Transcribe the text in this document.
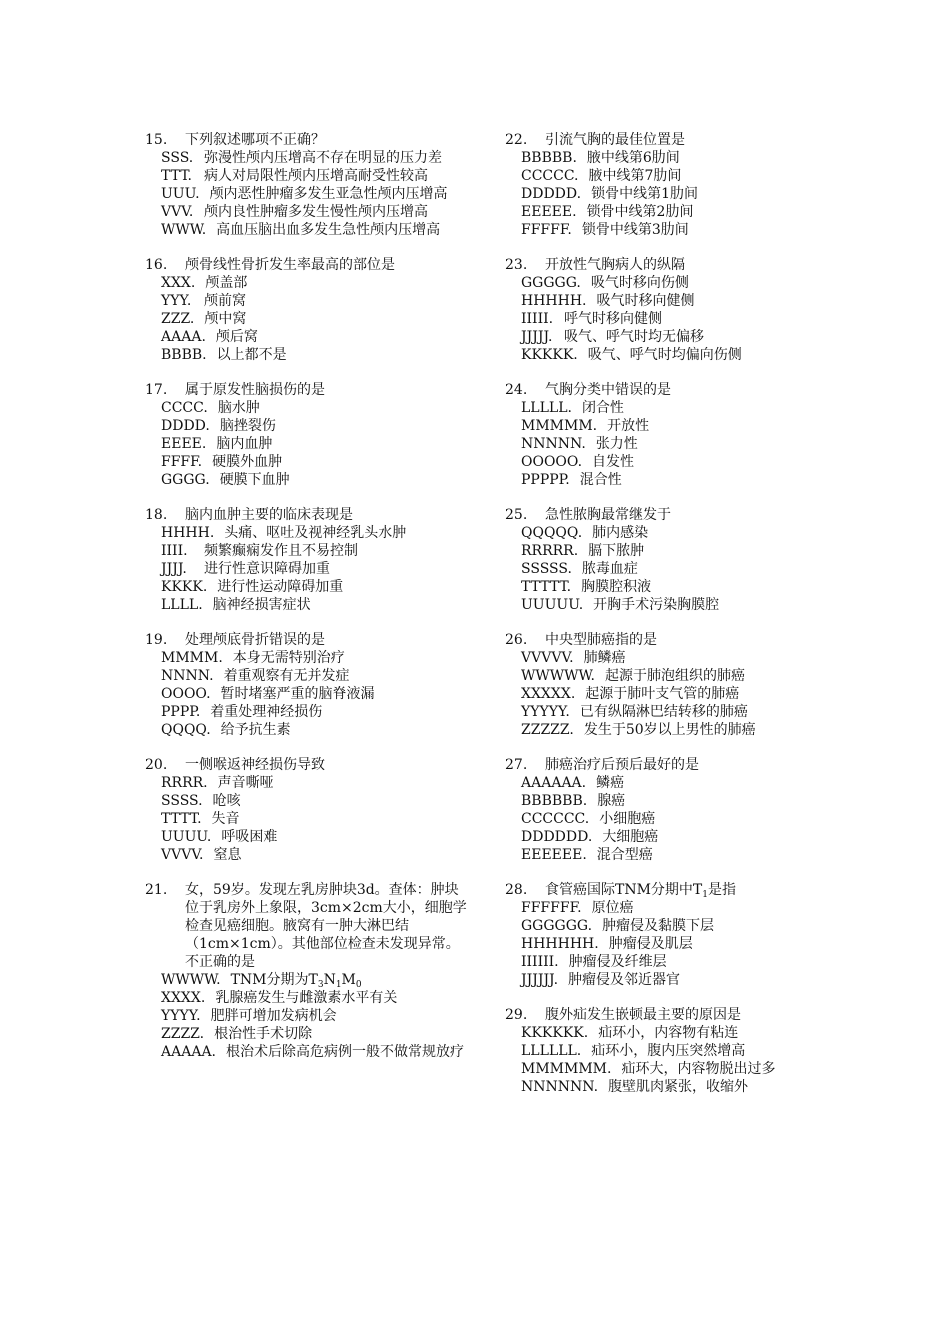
15.	下列叙述哪项不正确？
SSS. 弥漫性颅内压增高不存在明显的压力差
TTT. 病人对局限性颅内压增高耐受性较高
UUU. 颅内恶性肿瘤多发生亚急性颅内压增高
VVV. 颅内良性肿瘤多发生慢性颅内压增高
WWW. 高血压脑出血多发生急性颅内压增高
16.	颅骨线性骨折发生率最高的部位是
XXX. 颅盖部
YYY. 颅前窝
ZZZ. 颅中窝
AAAA. 颅后窝
BBBB. 以上都不是
17.	属于原发性脑损伤的是
CCCC. 脑水肿
DDDD. 脑挫裂伤
EEEE. 脑内血肿
FFFF. 硬膜外血肿
GGGG. 硬膜下血肿
18.	脑内血肿主要的临床表现是
HHHH. 头痛、呕吐及视神经乳头水肿
IIII. 频繁癫痫发作且不易控制
JJJJ. 进行性意识障碍加重
KKKK. 进行性运动障碍加重
LLLL. 脑神经损害症状
19.	处理颅底骨折错误的是
MMMM. 本身无需特别治疗
NNNN. 着重观察有无并发症
OOOO. 暂时堵塞严重的脑脊液漏
PPPP. 着重处理神经损伤
QQQQ. 给予抗生素
20.	一侧喉返神经损伤导致
RRRR. 声音嘶哑
SSSS. 呛咳
TTTT. 失音
UUUU. 呼吸困难
VVVV. 窒息
21.	女，59岁。发现左乳房肿块3d。查体：肿块位于乳房外上象限，3cm×2cm大小，细胞学检查见癌细胞。腋窝有一肿大淋巴结（1cm×1cm）。其他部位检查未发现异常。不正确的是
WWWW. TNM分期为$T_3N_1M_0$
XXXX. 乳腺癌发生与雌激素水平有关
YYYY. 肥胖可增加发病机会
ZZZZ. 根治性手术切除
AAAAA. 根治术后除高危病例一般不做常规放疗
22.	引流气胸的最佳位置是
BBBBB. 腋中线第6肋间
CCCCC. 腋中线第7肋间
DDDDD. 锁骨中线第1肋间
EEEEE. 锁骨中线第2肋间
FFFFF. 锁骨中线第3肋间
23.	开放性气胸病人的纵隔
GGGGG. 吸气时移向伤侧
HHHHH. 吸气时移向健侧
IIIII. 呼气时移向健侧
JJJJJ. 吸气、呼气时均无偏移
KKKKK. 吸气、呼气时均偏向伤侧
24.	气胸分类中错误的是
LLLLL. 闭合性
MMMMM. 开放性
NNNNN. 张力性
OOOOO. 自发性
PPPPP. 混合性
25.	急性脓胸最常继发于
QQQQQ. 肺内感染
RRRRR. 膈下脓肿
SSSSS. 脓毒血症
TTTTT. 胸膜腔积液
UUUUU. 开胸手术污染胸膜腔
26.	中央型肺癌指的是
VVVVV. 肺鳞癌
WWWWW. 起源于肺泡组织的肺癌
XXXXX. 起源于肺叶支气管的肺癌
YYYYY. 已有纵隔淋巴结转移的肺癌
ZZZZZ. 发生于50岁以上男性的肺癌
27.	肺癌治疗后预后最好的是
AAAAAA. 鳞癌
BBBBBB. 腺癌
CCCCCC. 小细胞癌
DDDDDD. 大细胞癌
EEEEEE. 混合型癌
28.	食管癌国际TNM分期中$T_1$是指
FFFFFF. 原位癌
GGGGGG. 肿瘤侵及黏膜下层
HHHHHH. 肿瘤侵及肌层
IIIIII. 肿瘤侵及纤维层
JJJJJJ. 肿瘤侵及邻近器官
29.	腹外疝发生嵌顿最主要的原因是
KKKKKK. 疝环小，内容物有粘连
LLLLLL. 疝环小，腹内压突然增高
MMMMMM. 疝环大，内容物脱出过多
NNNNNN. 腹壁肌肉紧张，收缩外
